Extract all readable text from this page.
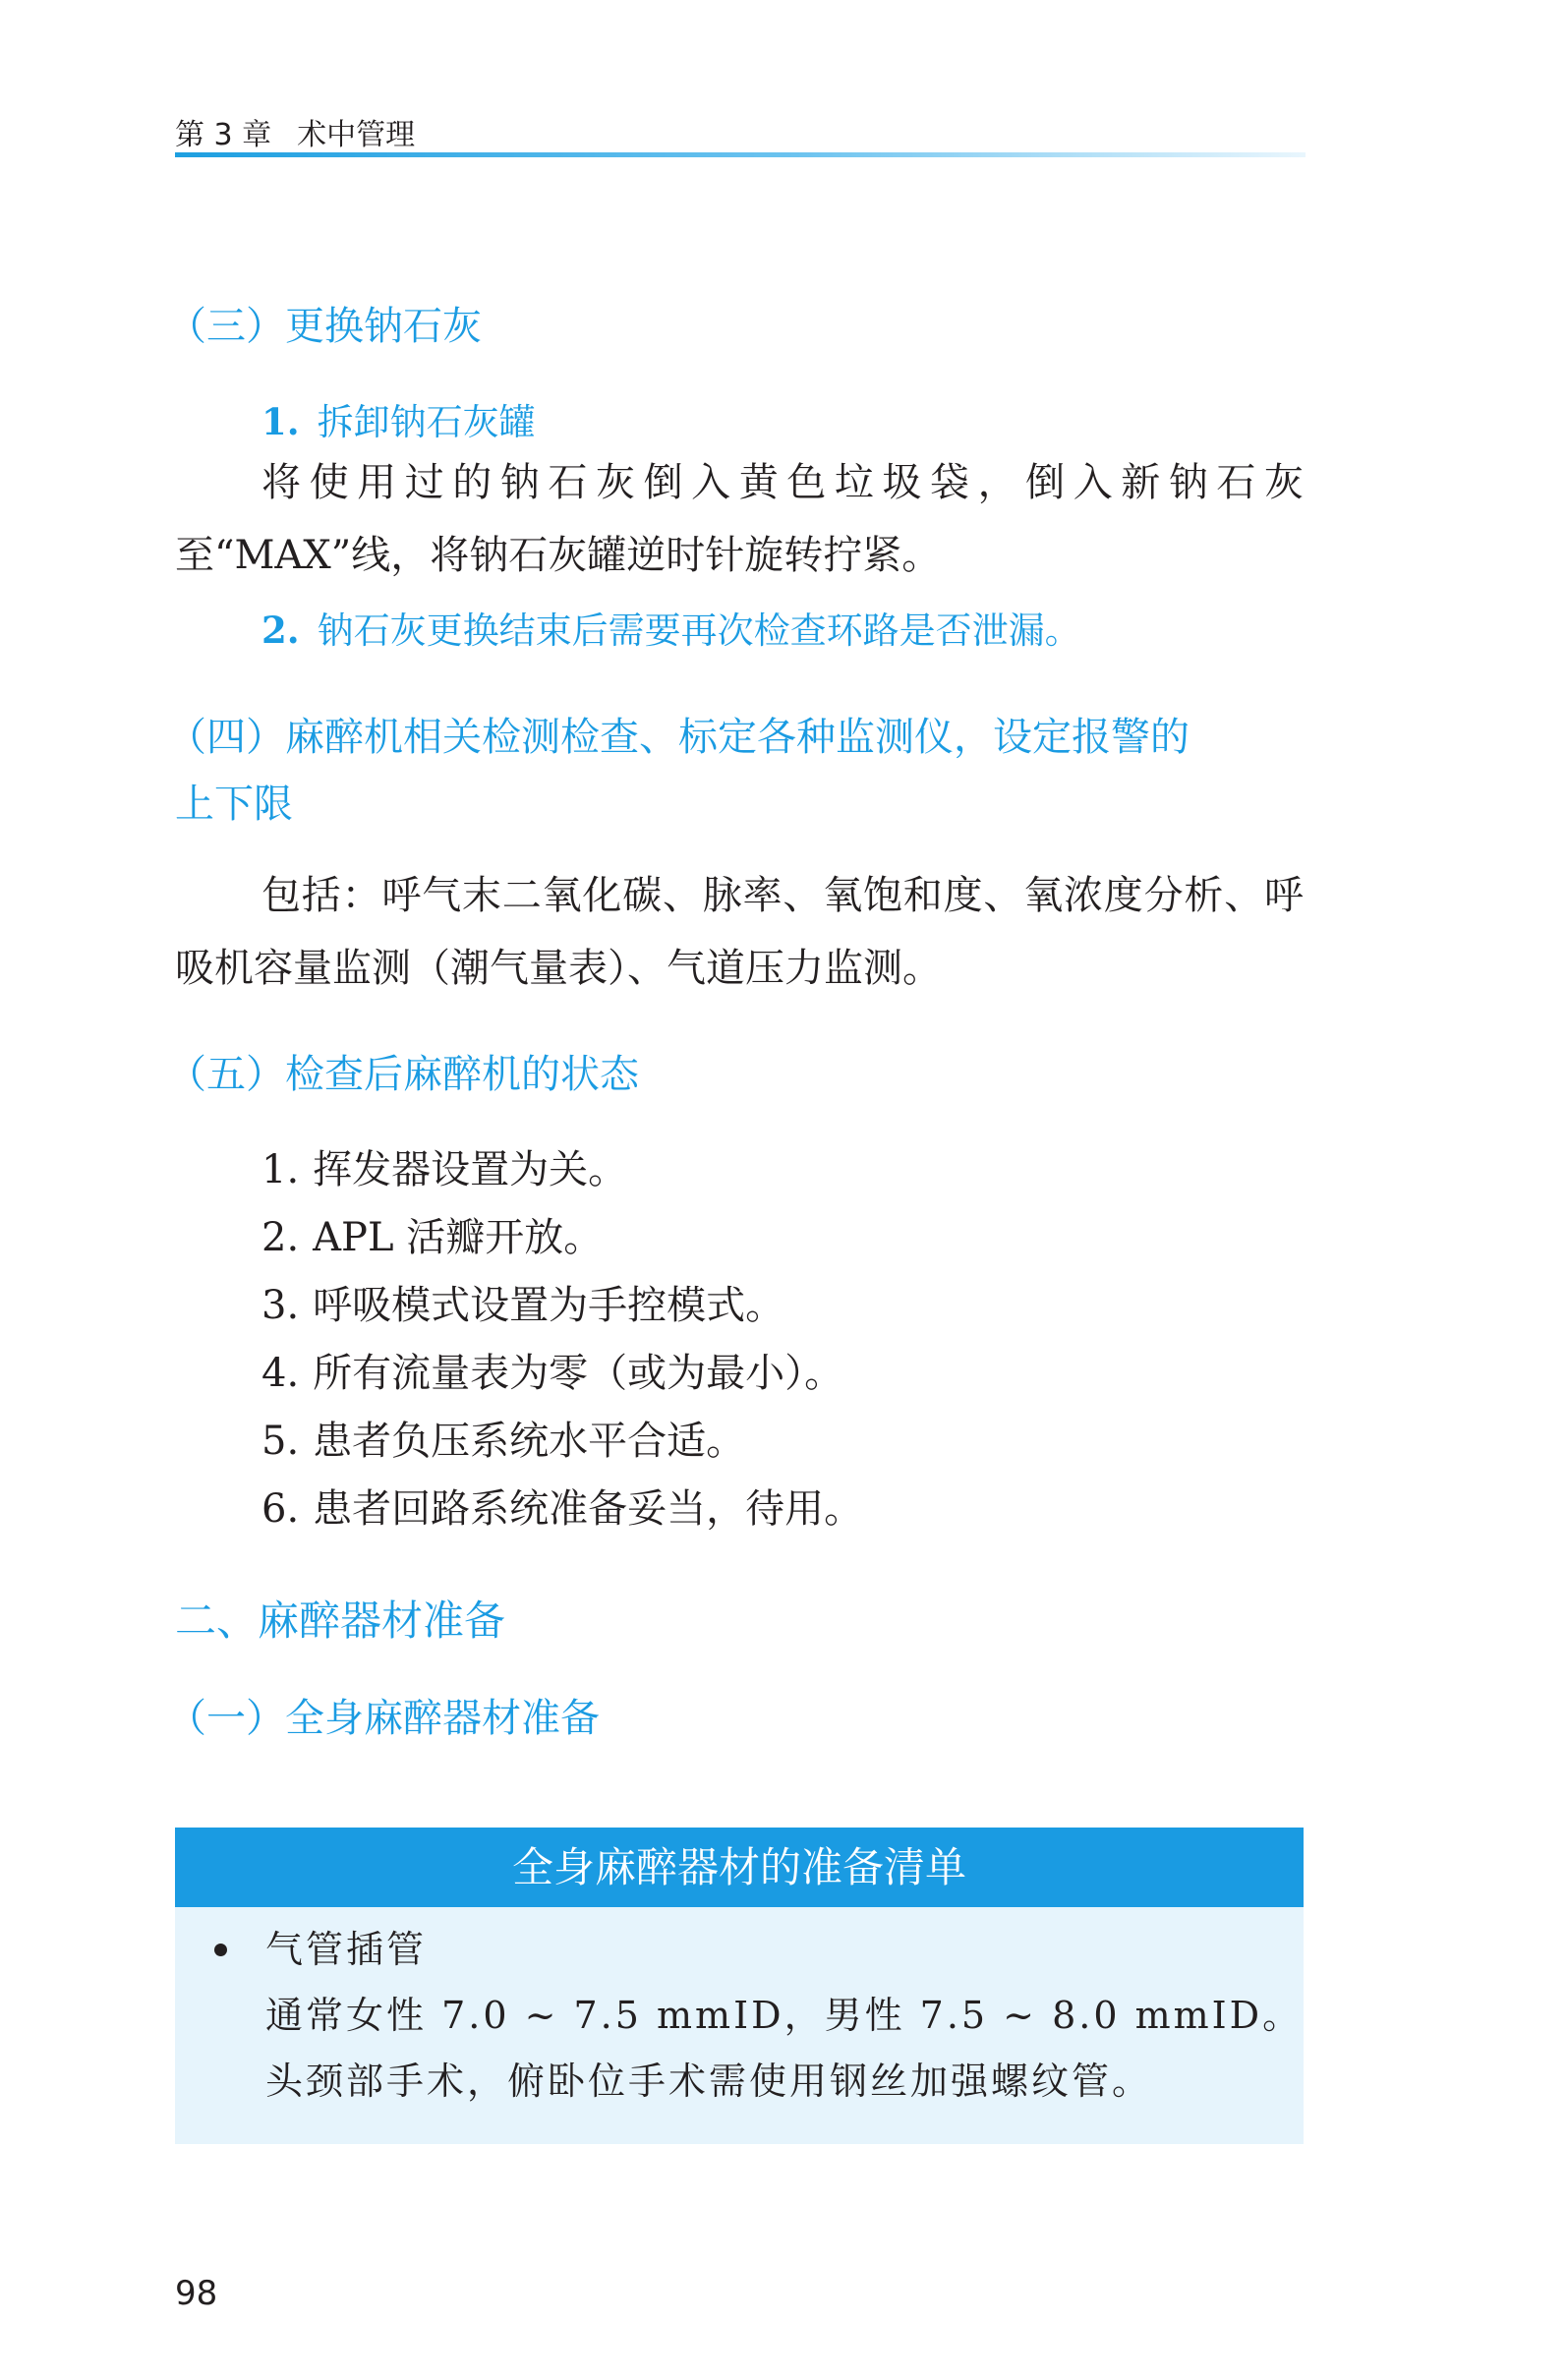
第 3 章 术中管理
（三）更换钠石灰
1. 拆卸钠石灰罐
将使用过的钠石灰倒入黄色垃圾袋，倒入新钠石灰至“MAX”线，将钠石灰罐逆时针旋转拧紧。
2. 钠石灰更换结束后需要再次检查环路是否泄漏。
（四）麻醉机相关检测检查、标定各种监测仪，设定报警的
上下限
包括：呼气末二氧化碳、脉率、氧饱和度、氧浓度分析、呼吸机容量监测（潮气量表）、气道压力监测。
（五）检查后麻醉机的状态
1. 挥发器设置为关。
2. APL 活瓣开放。
3. 呼吸模式设置为手控模式。
4. 所有流量表为零（或为最小）。
5. 患者负压系统水平合适。
6. 患者回路系统准备妥当，待用。
二、麻醉器材准备
（一）全身麻醉器材准备
全身麻醉器材的准备清单
气管插管
通常女性 7.0 ~ 7.5 mmID，男性 7.5 ~ 8.0 mmID。
头颈部手术，俯卧位手术需使用钢丝加强螺纹管。
98
